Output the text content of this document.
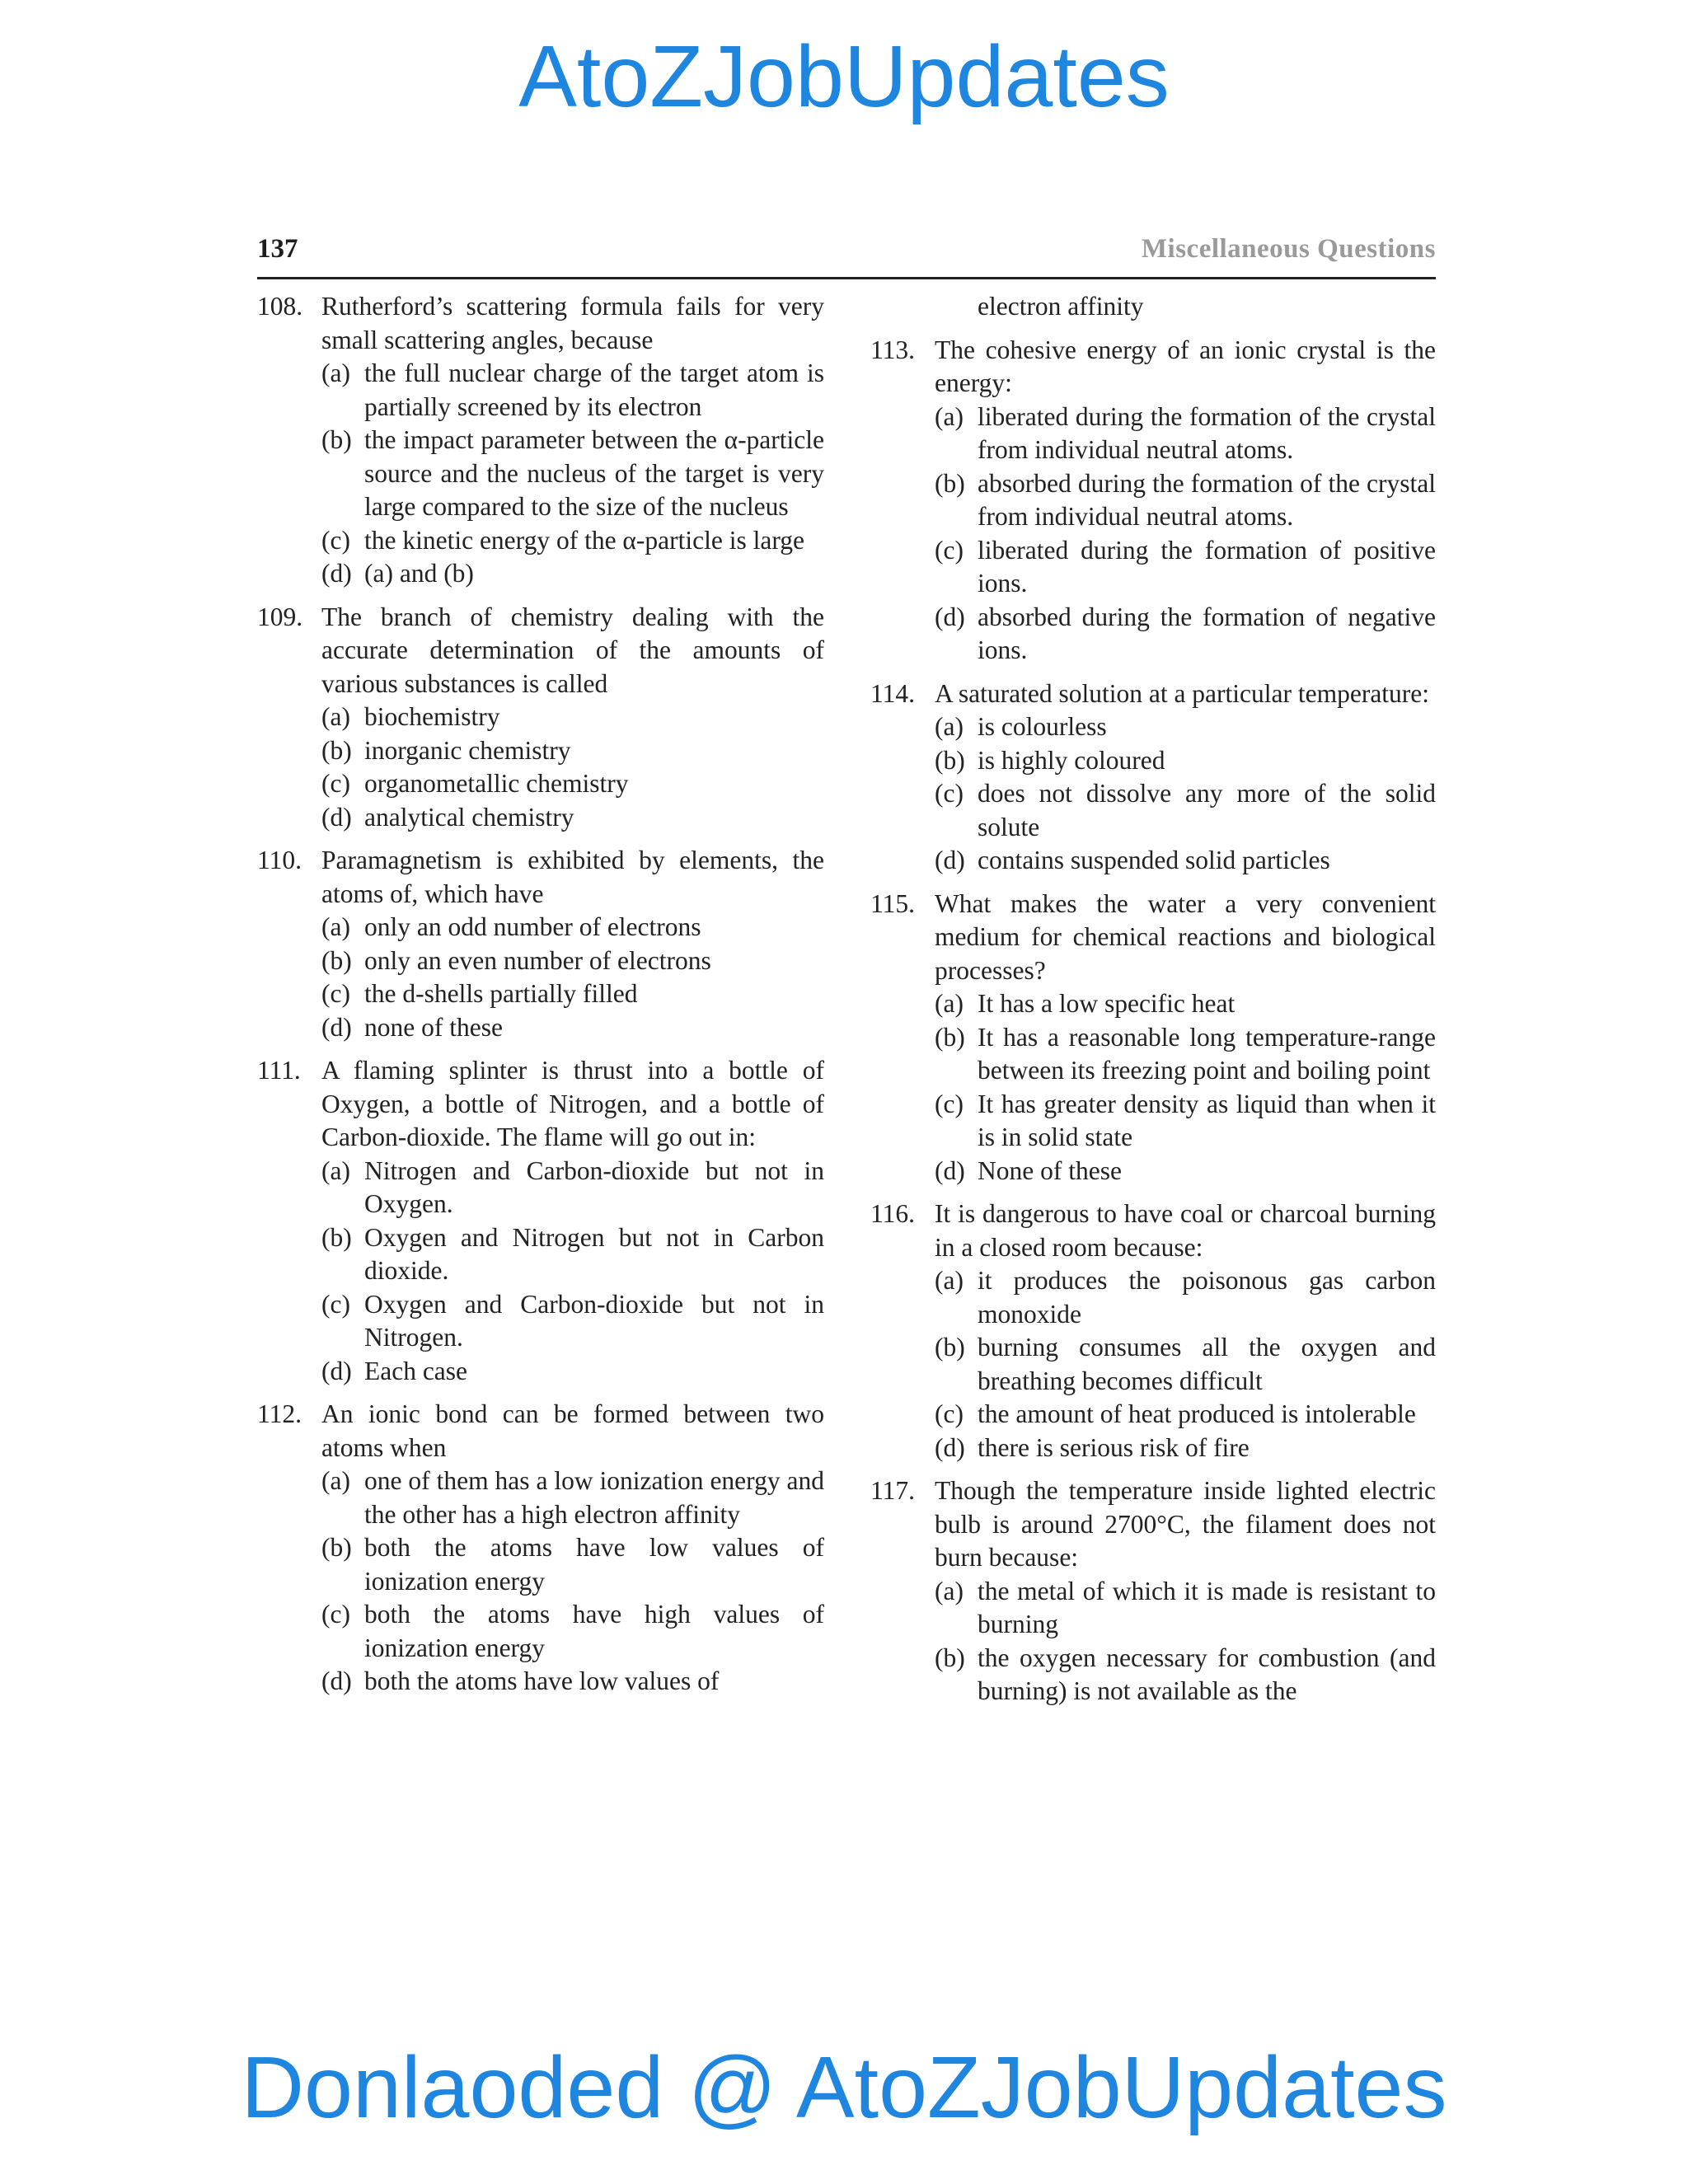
AtoZJobUpdates
137	Miscellaneous Questions
108. Rutherford’s scattering formula fails for very small scattering angles, because
(a) the full nuclear charge of the target atom is partially screened by its electron
(b) the impact parameter between the α-particle source and the nucleus of the target is very large compared to the size of the nucleus
(c) the kinetic energy of the α-particle is large
(d) (a) and (b)
109. The branch of chemistry dealing with the accurate determination of the amounts of various substances is called
(a) biochemistry
(b) inorganic chemistry
(c) organometallic chemistry
(d) analytical chemistry
110. Paramagnetism is exhibited by elements, the atoms of, which have
(a) only an odd number of electrons
(b) only an even number of electrons
(c) the d-shells partially filled
(d) none of these
111. A flaming splinter is thrust into a bottle of Oxygen, a bottle of Nitrogen, and a bottle of Carbon-dioxide. The flame will go out in:
(a) Nitrogen and Carbon-dioxide but not in Oxygen.
(b) Oxygen and Nitrogen but not in Carbon dioxide.
(c) Oxygen and Carbon-dioxide but not in Nitrogen.
(d) Each case
112. An ionic bond can be formed between two atoms when
(a) one of them has a low ionization energy and the other has a high electron affinity
(b) both the atoms have low values of ionization energy
(c) both the atoms have high values of ionization energy
(d) both the atoms have low values of
electron affinity
113. The cohesive energy of an ionic crystal is the energy:
(a) liberated during the formation of the crystal from individual neutral atoms.
(b) absorbed during the formation of the crystal from individual neutral atoms.
(c) liberated during the formation of positive ions.
(d) absorbed during the formation of negative ions.
114. A saturated solution at a particular temperature:
(a) is colourless
(b) is highly coloured
(c) does not dissolve any more of the solid solute
(d) contains suspended solid particles
115. What makes the water a very convenient medium for chemical reactions and biological processes?
(a) It has a low specific heat
(b) It has a reasonable long temperature-range between its freezing point and boiling point
(c) It has greater density as liquid than when it is in solid state
(d) None of these
116. It is dangerous to have coal or charcoal burning in a closed room because:
(a) it produces the poisonous gas carbon monoxide
(b) burning consumes all the oxygen and breathing becomes difficult
(c) the amount of heat produced is intolerable
(d) there is serious risk of fire
117. Though the temperature inside lighted electric bulb is around 2700°C, the filament does not burn because:
(a) the metal of which it is made is resistant to burning
(b) the oxygen necessary for combustion (and burning) is not available as the
Donlaoded @ AtoZJobUpdates
